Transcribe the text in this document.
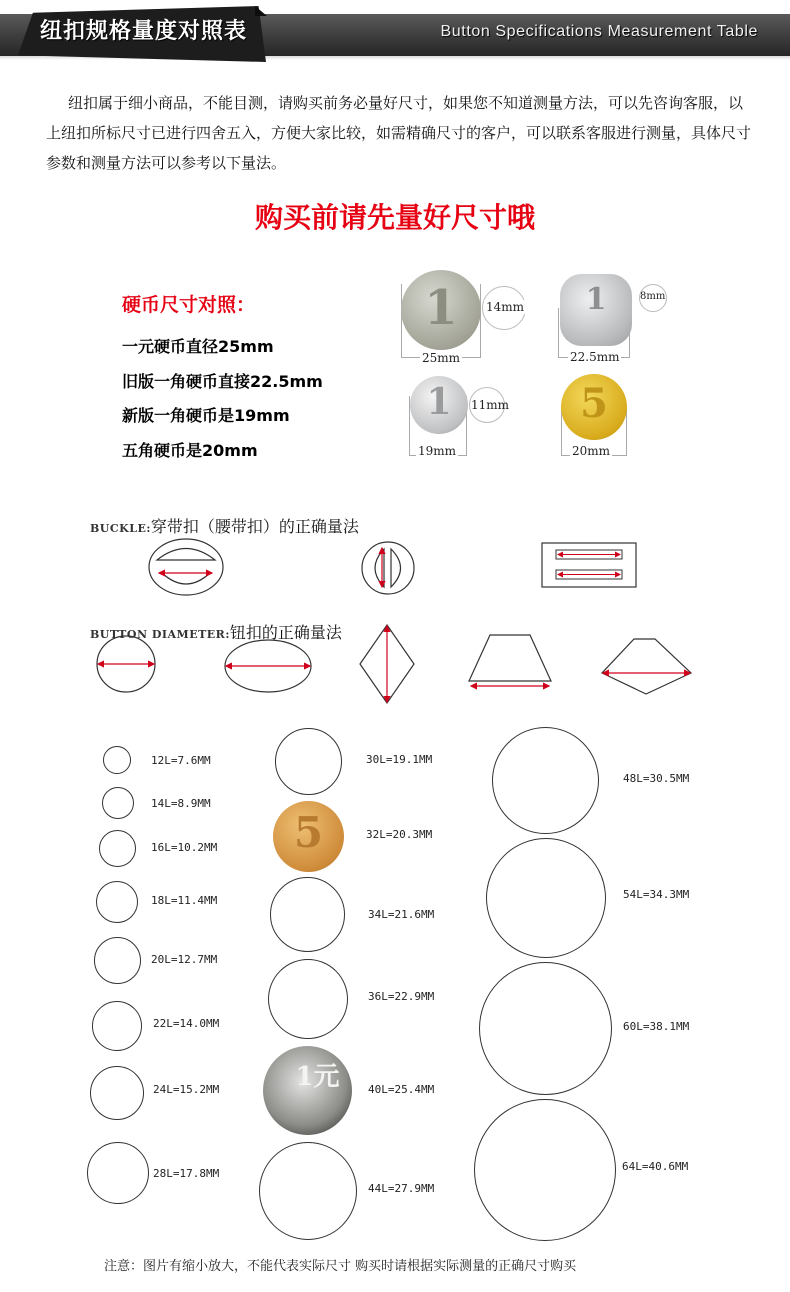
纽扣规格量度对照表	Button Specifications Measurement Table

纽扣属于细小商品，不能目测，请购买前务必量好尺寸，如果您不知道测量方法，可以先咨询客服，以上纽扣所标尺寸已进行四舍五入，方便大家比较，如需精确尺寸的客户，可以联系客服进行测量，具体尺寸参数和测量方法可以参考以下量法。

购买前请先量好尺寸哦
硬币尺寸对照：
一元硬币直径25mm
旧版一角硬币直接22.5mm
新版一角硬币是19mm
五角硬币是20mm
1	14mm
25mm
1	8mm
22.5mm
1	11mm
19mm
5
20mm
BUCKLE:穿带扣（腰带扣）的正确量法
BUTTON DIAMETER:钮扣的正确量法
12L=7.6MM
14L=8.9MM
16L=10.2MM
18L=11.4MM
20L=12.7MM
22L=14.0MM
24L=15.2MM
28L=17.8MM
30L=19.1MM
5	32L=20.3MM
34L=21.6MM
36L=22.9MM
1元	40L=25.4MM
44L=27.9MM
48L=30.5MM
54L=34.3MM
60L=38.1MM
64L=40.6MM
注意：图片有缩小放大，不能代表实际尺寸 购买时请根据实际测量的正确尺寸购买
